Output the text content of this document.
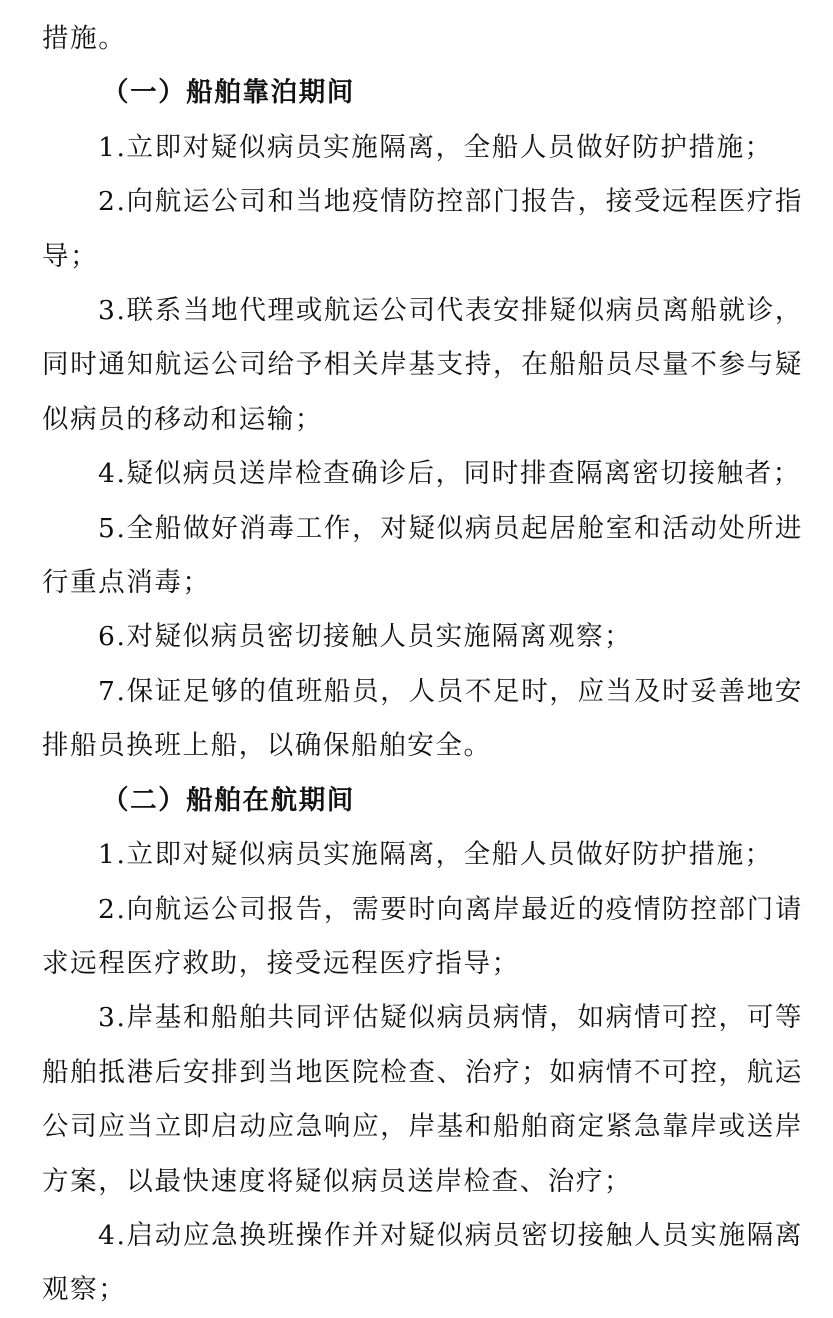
措施。

（一）船舶靠泊期间

1.立即对疑似病员实施隔离，全船人员做好防护措施；

2.向航运公司和当地疫情防控部门报告，接受远程医疗指导；

3.联系当地代理或航运公司代表安排疑似病员离船就诊，同时通知航运公司给予相关岸基支持，在船船员尽量不参与疑似病员的移动和运输；

4.疑似病员送岸检查确诊后，同时排查隔离密切接触者；

5.全船做好消毒工作，对疑似病员起居舱室和活动处所进行重点消毒；

6.对疑似病员密切接触人员实施隔离观察；

7.保证足够的值班船员，人员不足时，应当及时妥善地安排船员换班上船，以确保船舶安全。

（二）船舶在航期间

1.立即对疑似病员实施隔离，全船人员做好防护措施；

2.向航运公司报告，需要时向离岸最近的疫情防控部门请求远程医疗救助，接受远程医疗指导；

3.岸基和船舶共同评估疑似病员病情，如病情可控，可等船舶抵港后安排到当地医院检查、治疗；如病情不可控，航运公司应当立即启动应急响应，岸基和船舶商定紧急靠岸或送岸方案，以最快速度将疑似病员送岸检查、治疗；

4.启动应急换班操作并对疑似病员密切接触人员实施隔离观察；
